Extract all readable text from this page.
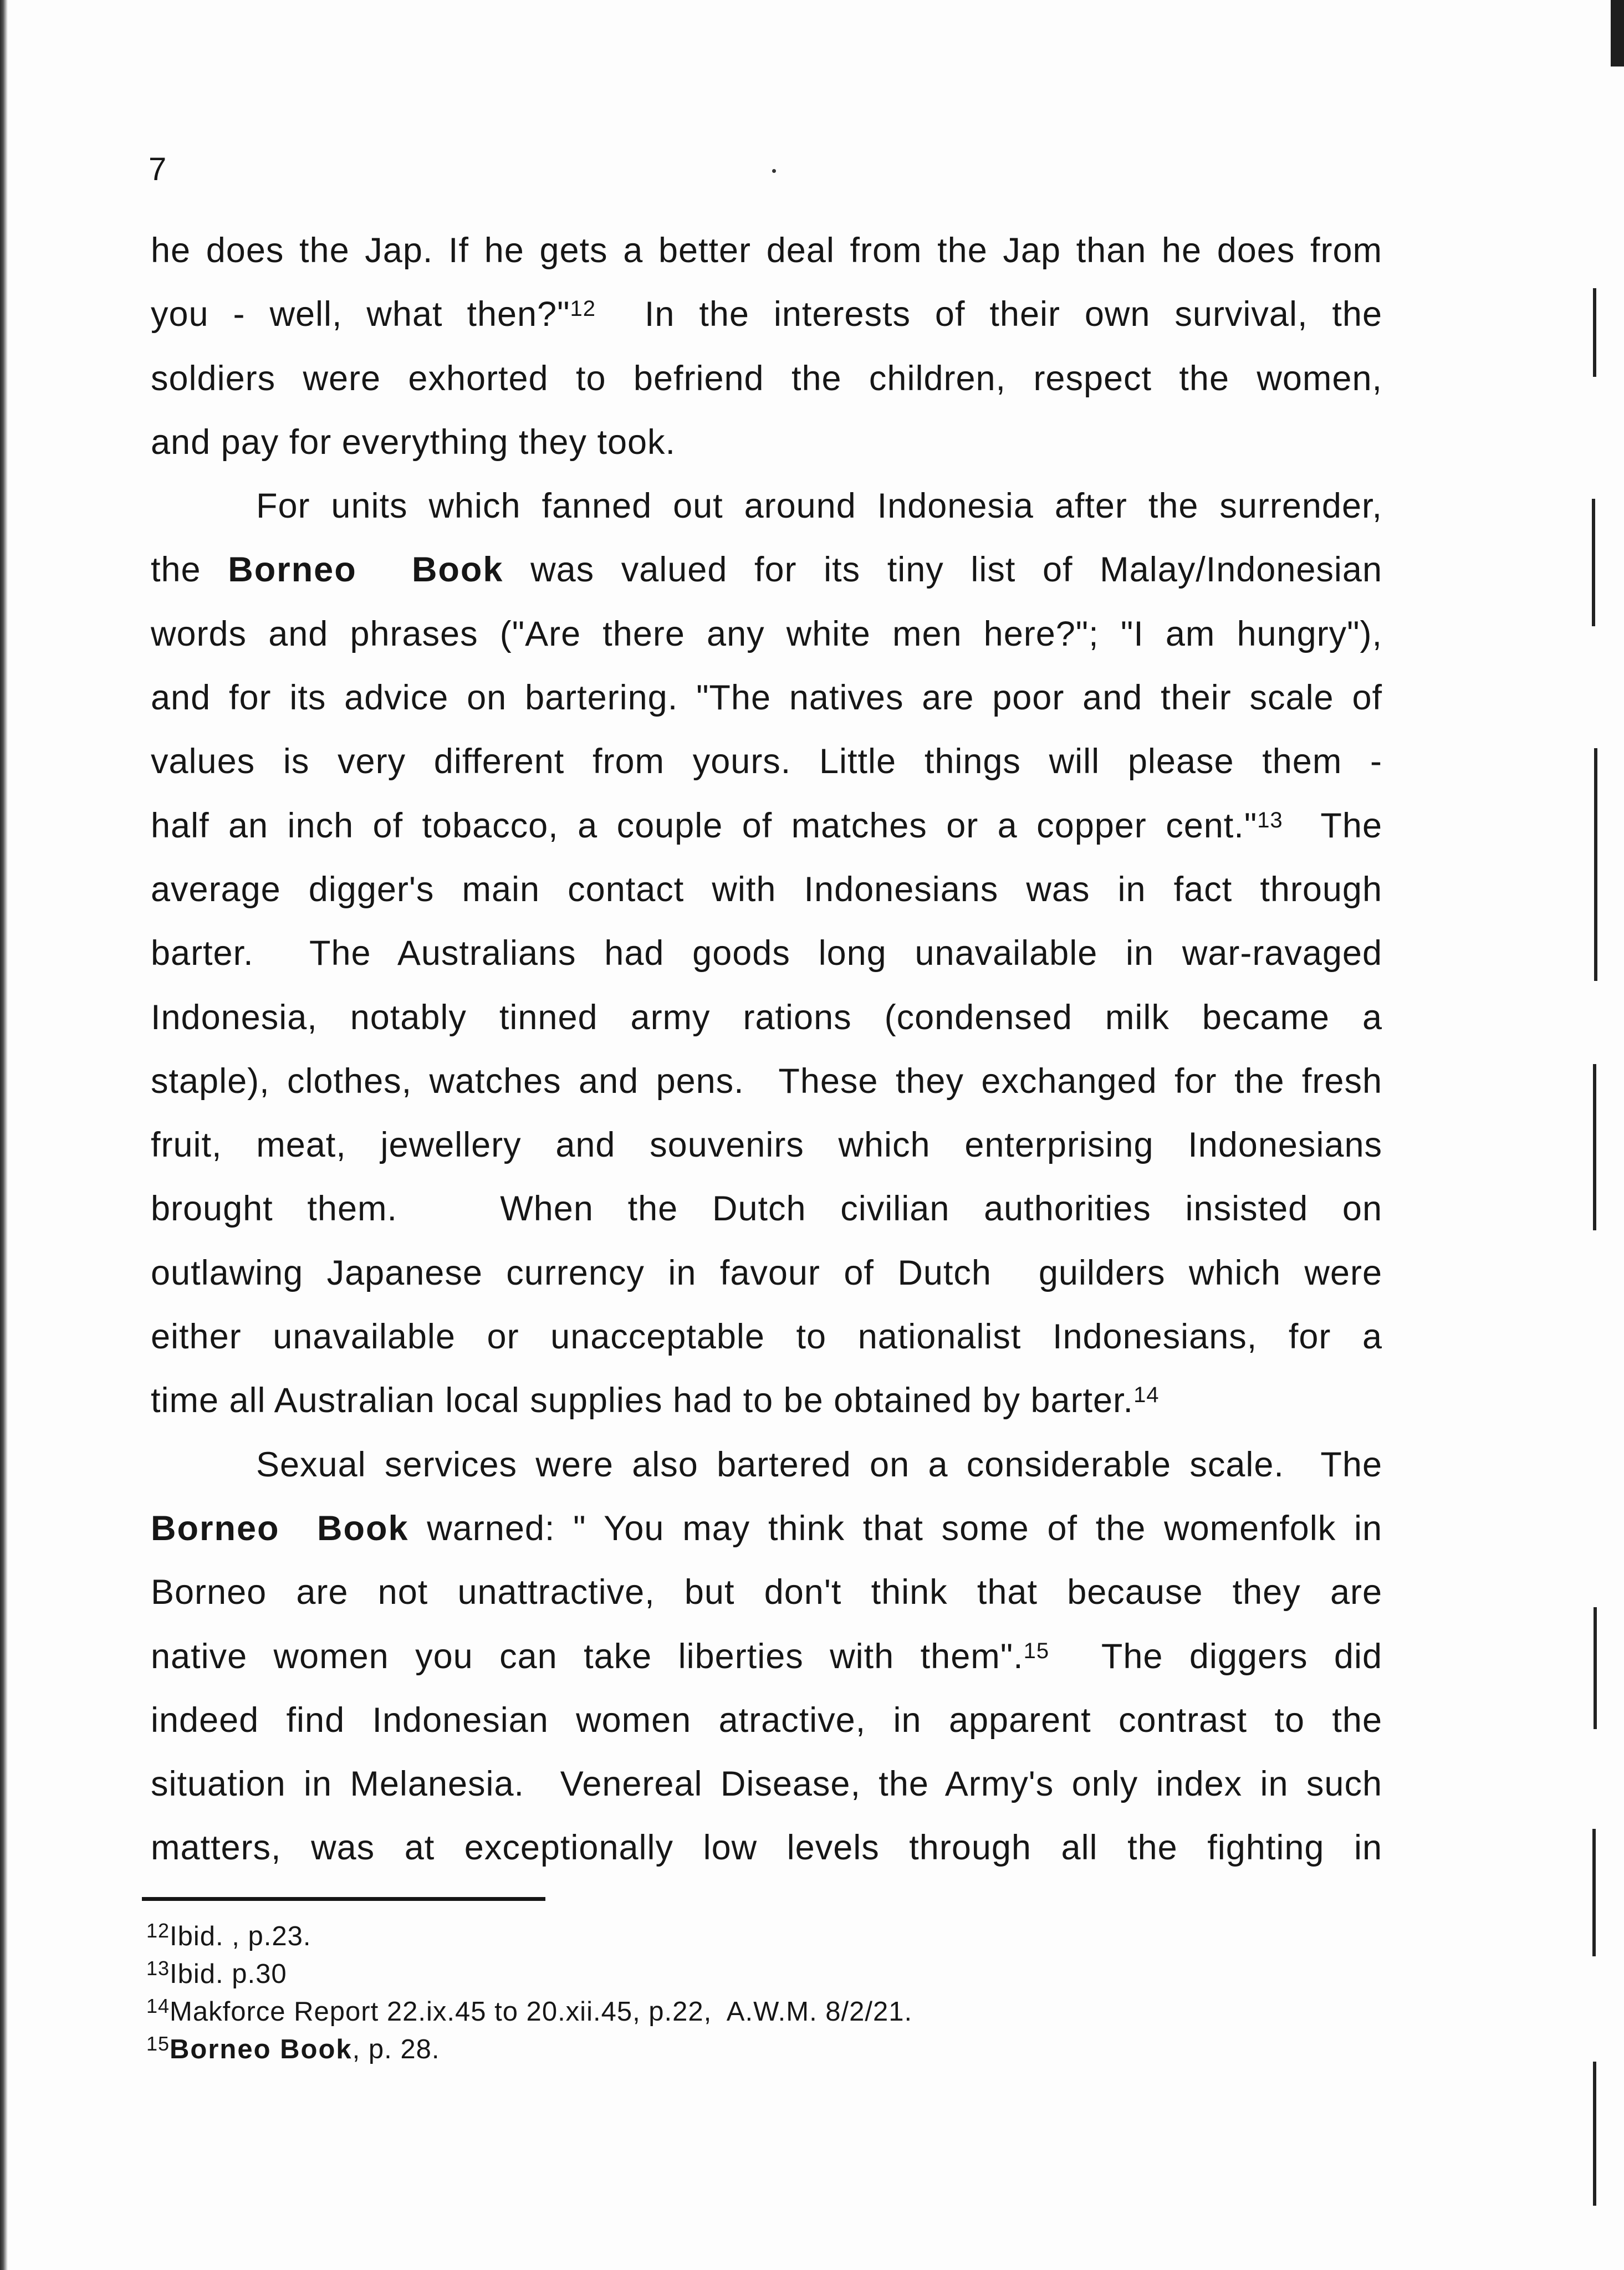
7
he does the Jap. If he gets a better deal from the Jap than he does from
you - well, what then?"$^{12}$  In the interests of their own survival, the
soldiers were exhorted to befriend the children, respect the women,
and pay for everything they took.
For units which fanned out around Indonesia after the surrender,
the Borneo  Book was valued for its tiny list of Malay/Indonesian
words and phrases ("Are there any white men here?"; "I am hungry"),
and for its advice on bartering. "The natives are poor and their scale of
values is very different from yours. Little things will please them -
half an inch of tobacco, a couple of matches or a copper cent."$^{13}$  The
average digger's main contact with Indonesians was in fact through
barter.  The Australians had goods long unavailable in war-ravaged
Indonesia, notably tinned army rations (condensed milk became a
staple), clothes, watches and pens.  These they exchanged for the fresh
fruit, meat, jewellery and souvenirs which enterprising Indonesians
brought them.   When the Dutch civilian authorities insisted on
outlawing Japanese currency in favour of Dutch  guilders which were
either unavailable or unacceptable to nationalist Indonesians, for a
time all Australian local supplies had to be obtained by barter.$^{14}$
Sexual services were also bartered on a considerable scale.  The
Borneo  Book warned: " You may think that some of the womenfolk in
Borneo are not unattractive, but don't think that because they are
native women you can take liberties with them".$^{15}$  The diggers did
indeed find Indonesian women atractive, in apparent contrast to the
situation in Melanesia.  Venereal Disease, the Army's only index in such
matters, was at exceptionally low levels through all the fighting in
$^{12}$Ibid. , p.23.
$^{13}$Ibid. p.30
$^{14}$Makforce Report 22.ix.45 to 20.xii.45, p.22,  A.W.M. 8/2/21.
$^{15}$Borneo Book, p. 28.
